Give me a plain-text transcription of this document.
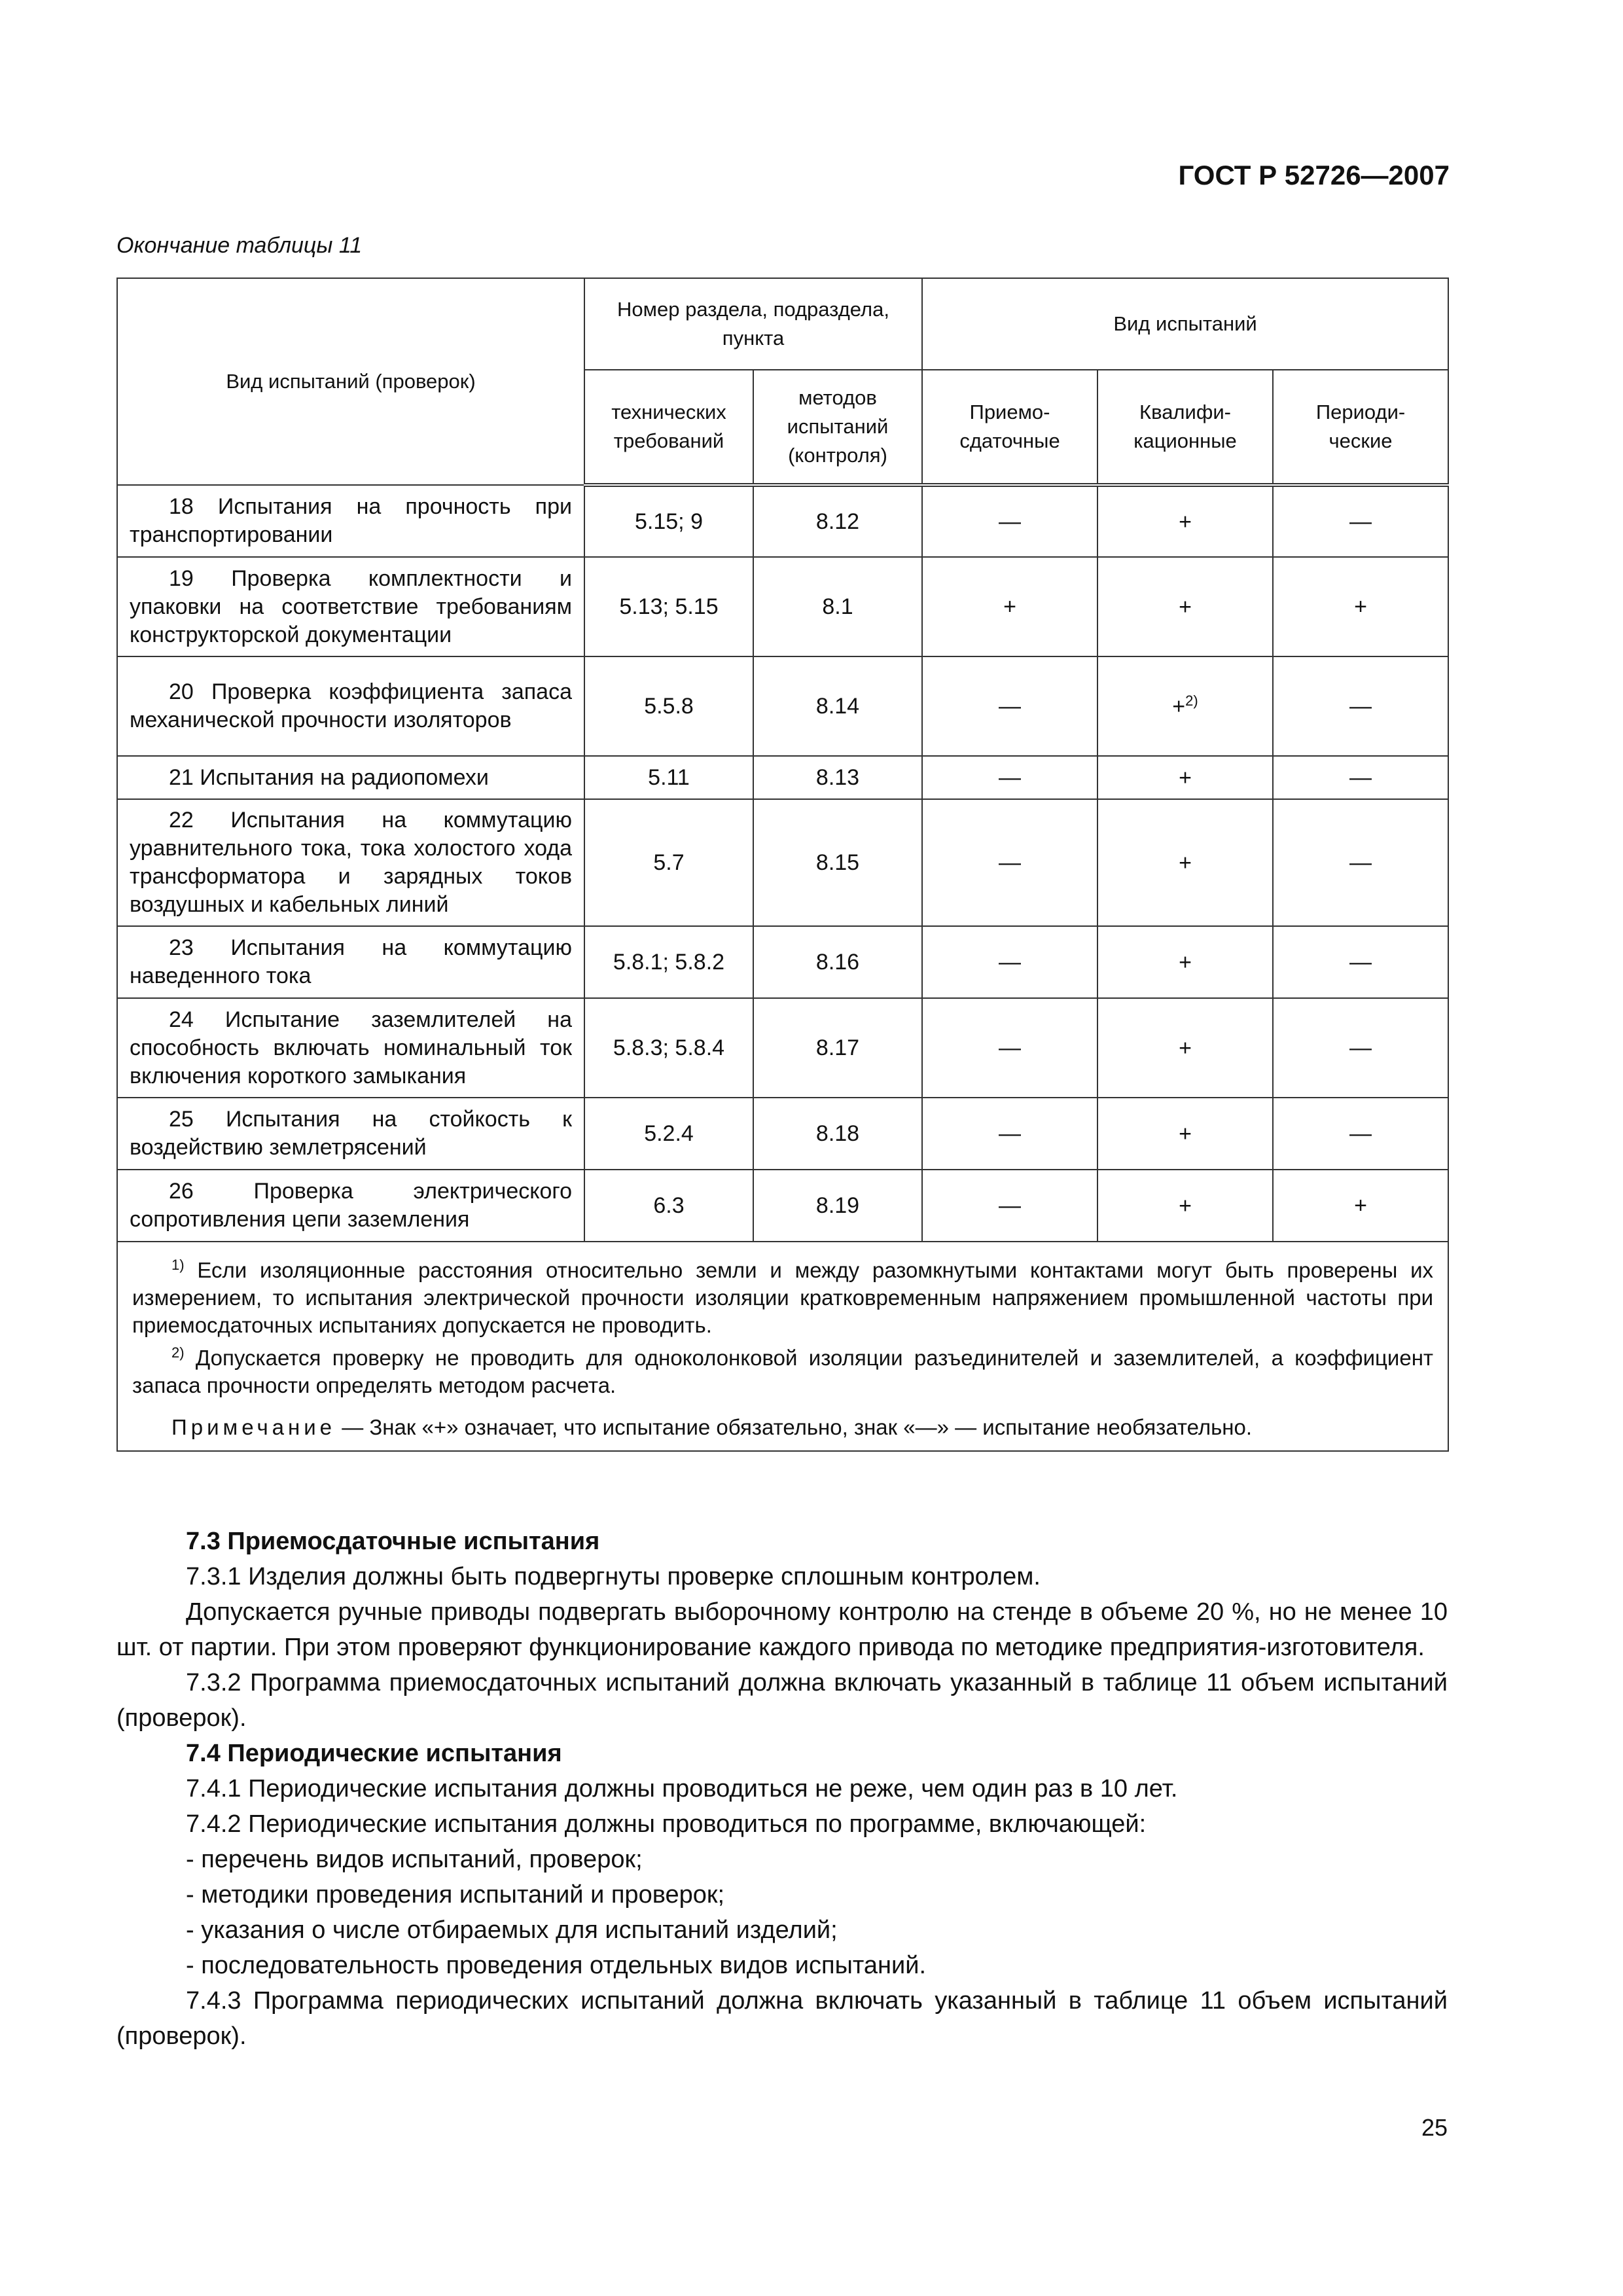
ГОСТ Р 52726—2007
Окончание таблицы 11
Вид испытаний (проверок)	Номер раздела, подраздела, пункта		Вид испытаний		
	технических требований	методов испытаний (контроля)	Приемо-сдаточные	Квалифи-кационные	Периоди-ческие

18 Испытания на прочность при транспортировании	5.15; 9	8.12	—	+	—

19 Проверка комплектности и упаковки на соответствие требованиям конструкторской документации	5.13; 5.15	8.1	+	+	+

20 Проверка коэффициента запаса механической прочности изоляторов	5.5.8	8.14	—	+$^{2)}$	—

21 Испытания на радиопомехи	5.11	8.13	—	+	—

22 Испытания на коммутацию уравнительного тока, тока холостого хода трансформатора и зарядных токов воздушных и кабельных линий	5.7	8.15	—	+	—

23 Испытания на коммутацию наведенного тока	5.8.1; 5.8.2	8.16	—	+	—

24 Испытание заземлителей на способность включать номинальный ток включения короткого замыкания	5.8.3; 5.8.4	8.17	—	+	—

25 Испытания на стойкость к воздействию землетрясений	5.2.4	8.18	—	+	—

26 Проверка электрического сопротивления цепи заземления	6.3	8.19	—	+	+

$^{1)}$ Если изоляционные расстояния относительно земли и между разомкнутыми контактами могут быть проверены их измерением, то испытания электрической прочности изоляции кратковременным напряжением промышленной частоты при приемосдаточных испытаниях допускается не проводить.

$^{2)}$ Допускается проверку не проводить для одноколонковой изоляции разъединителей и заземлителей, а коэффициент запаса прочности определять методом расчета.

Примечание — Знак «+» означает, что испытание обязательно, знак «—» — испытание необязательно.					

7.3 Приемосдаточные испытания

7.3.1 Изделия должны быть подвергнуты проверке сплошным контролем.

Допускается ручные приводы подвергать выборочному контролю на стенде в объеме 20 %, но не менее 10 шт. от партии. При этом проверяют функционирование каждого привода по методике предприятия-изготовителя.

7.3.2 Программа приемосдаточных испытаний должна включать указанный в таблице 11 объем испытаний (проверок).

7.4 Периодические испытания

7.4.1 Периодические испытания должны проводиться не реже, чем один раз в 10 лет.

7.4.2 Периодические испытания должны проводиться по программе, включающей:

- перечень видов испытаний, проверок;

- методики проведения испытаний и проверок;

- указания о числе отбираемых для испытаний изделий;

- последовательность проведения отдельных видов испытаний.

7.4.3 Программа периодических испытаний должна включать указанный в таблице 11 объем испытаний (проверок).

25
